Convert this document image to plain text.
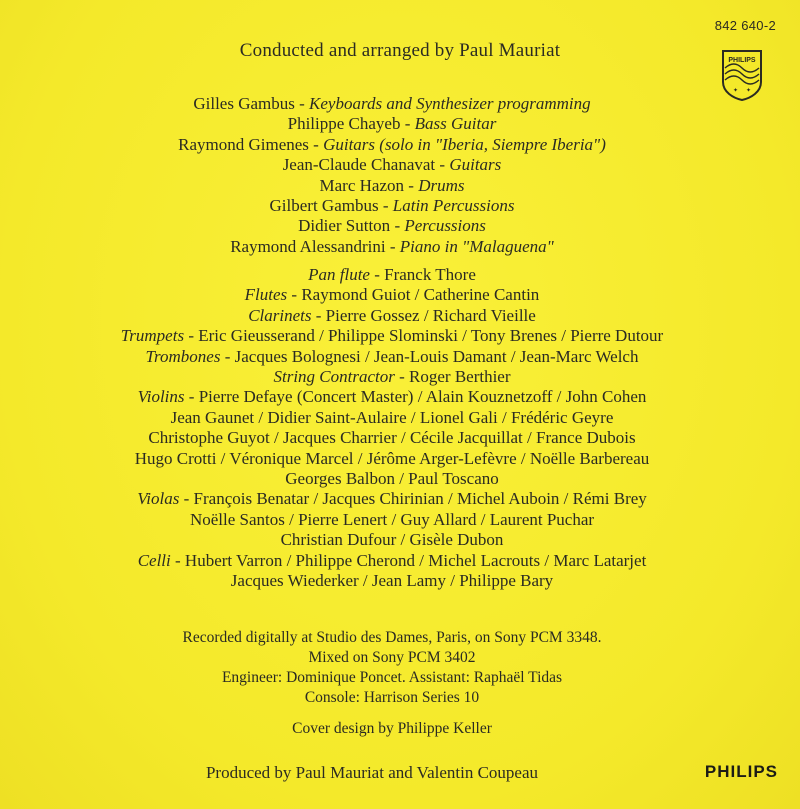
842 640-2
PHILIPS
✦ ✦
Conducted and arranged by Paul Mauriat
Gilles Gambus - Keyboards and Synthesizer programming
Philippe Chayeb - Bass Guitar
Raymond Gimenes - Guitars (solo in "Iberia, Siempre Iberia")
Jean-Claude Chanavat - Guitars
Marc Hazon - Drums
Gilbert Gambus - Latin Percussions
Didier Sutton - Percussions
Raymond Alessandrini - Piano in "Malaguena"
Pan flute - Franck Thore
Flutes - Raymond Guiot / Catherine Cantin
Clarinets - Pierre Gossez / Richard Vieille
Trumpets - Eric Gieusserand / Philippe Slominski / Tony Brenes / Pierre Dutour
Trombones - Jacques Bolognesi / Jean-Louis Damant / Jean-Marc Welch
String Contractor - Roger Berthier
Violins - Pierre Defaye (Concert Master) / Alain Kouznetzoff / John Cohen
Jean Gaunet / Didier Saint-Aulaire / Lionel Gali / Frédéric Geyre
Christophe Guyot / Jacques Charrier / Cécile Jacquillat / France Dubois
Hugo Crotti / Véronique Marcel / Jérôme Arger-Lefèvre / Noëlle Barbereau
Georges Balbon / Paul Toscano
Violas - François Benatar / Jacques Chirinian / Michel Auboin / Rémi Brey
Noëlle Santos / Pierre Lenert / Guy Allard / Laurent Puchar
Christian Dufour / Gisèle Dubon
Celli - Hubert Varron / Philippe Cherond / Michel Lacrouts / Marc Latarjet
Jacques Wiederker / Jean Lamy / Philippe Bary
Recorded digitally at Studio des Dames, Paris, on Sony PCM 3348.
Mixed on Sony PCM 3402
Engineer: Dominique Poncet. Assistant: Raphaël Tidas
Console: Harrison Series 10
Cover design by Philippe Keller
Produced by Paul Mauriat and Valentin Coupeau	PHILIPS
